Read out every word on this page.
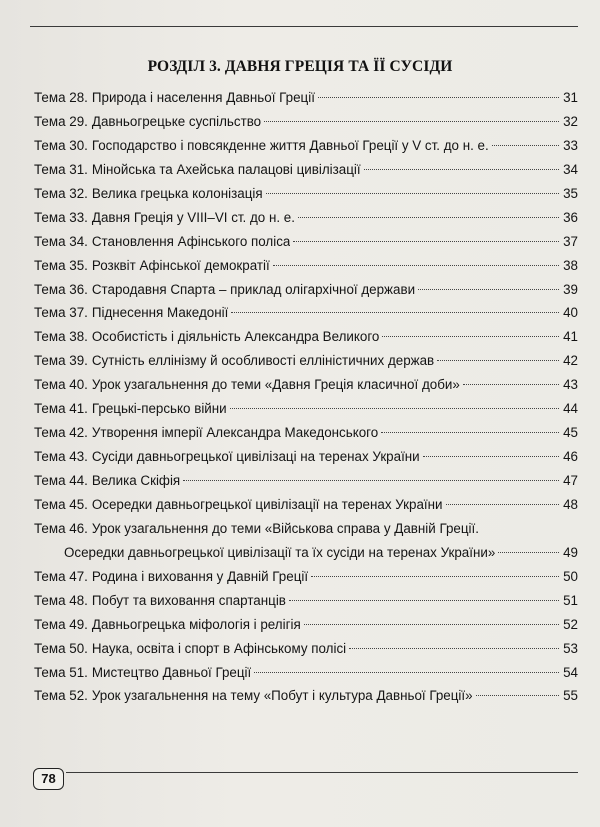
РОЗДІЛ 3. ДАВНЯ ГРЕЦІЯ ТА ЇЇ СУСІДИ
Тема 28. Природа і населення Давньої Греції	31
Тема 29. Давньогрецьке суспільство	32
Тема 30. Господарство і повсякденне життя Давньої Греції у V ст. до н. е.	33
Тема 31. Мінойська та Ахейська палацові цивілізації	34
Тема 32. Велика грецька колонізація	35
Тема 33. Давня Греція у VIII–VI ст. до н. е.	36
Тема 34. Становлення Афінського поліса	37
Тема 35. Розквіт Афінської демократії	38
Тема 36. Стародавня Спарта – приклад олігархічної держави	39
Тема 37. Піднесення Македонії	40
Тема 38. Особистість і діяльність Александра Великого	41
Тема 39. Сутність еллінізму й особливості елліністичних держав	42
Тема 40. Урок узагальнення до теми «Давня Греція класичної доби»	43
Тема 41. Грецькі-персько війни	44
Тема 42. Утворення імперії Александра Македонського	45
Тема 43. Сусіди давньогрецької цивілізаці на теренах України	46
Тема 44. Велика Скіфія	47
Тема 45. Осередки давньогрецької цивілізації на теренах України	48
Тема 46. Урок узагальнення до теми «Військова справа у Давній Греції.
Осередки давньогрецької цивілізації та їх сусіди на теренах України»	49
Тема 47. Родина і виховання у Давній Греції	50
Тема 48. Побут та виховання спартанців	51
Тема 49. Давньогрецька міфологія і релігія	52
Тема 50. Наука, освіта і спорт в Афінському полісі	53
Тема 51. Мистецтво Давньої Греції	54
Тема 52. Урок узагальнення на тему «Побут і культура Давньої Греції»	55
78
